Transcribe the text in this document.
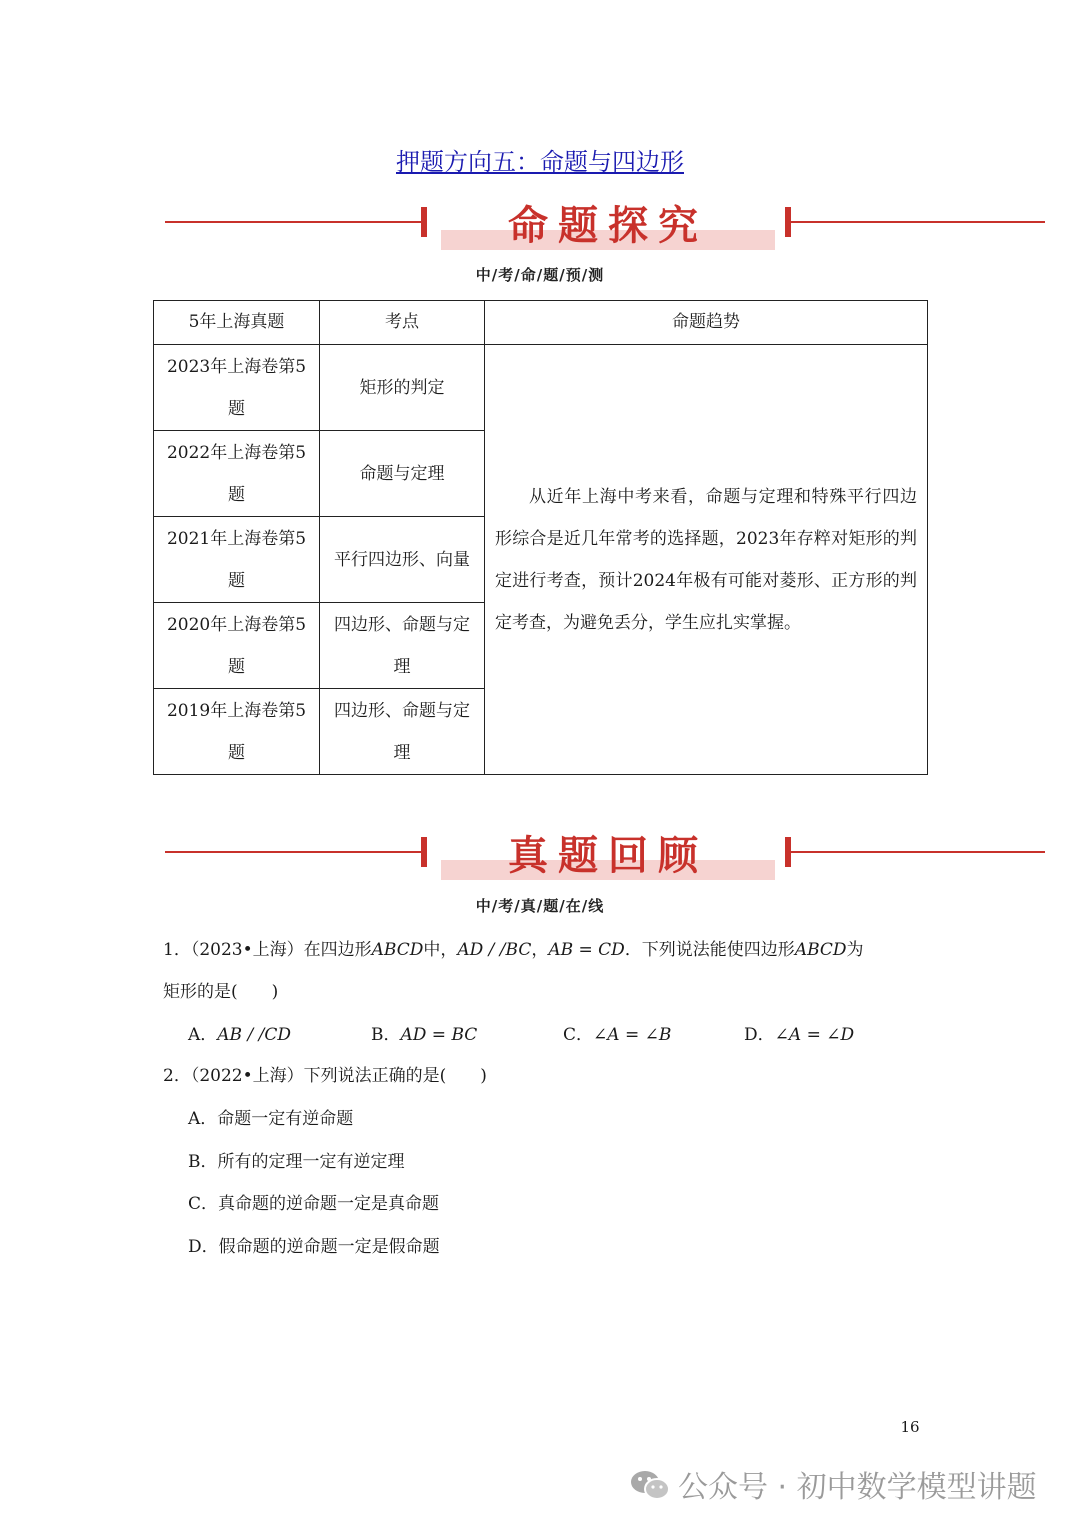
押题方向五：命题与四边形
命题探究
中/考/命/题/预/测
5年上海真题	考点	命题趋势
2023年上海卷第5题	矩形的判定	从近年上海中考来看，命题与定理和特殊平行四边形综合是近几年常考的选择题，2023年存粹对矩形的判定进行考查，预计2024年极有可能对菱形、正方形的判定考查，为避免丢分，学生应扎实掌握。
2022年上海卷第5题	命题与定理	
2021年上海卷第5题	平行四边形、向量	
2020年上海卷第5题	四边形、命题与定理	
2019年上海卷第5题	四边形、命题与定理	
真题回顾
中/考/真/题/在/线
1．（2023•上海）在四边形ABCD中，AD / /BC，AB = CD．下列说法能使四边形ABCD为
矩形的是(　　)
A．AB / /CD	B．AD = BC	C．∠A = ∠B	D．∠A = ∠D
2．（2022•上海）下列说法正确的是(　　)
A．命题一定有逆命题
B．所有的定理一定有逆定理
C．真命题的逆命题一定是真命题
D．假命题的逆命题一定是假命题
16
公众号 · 初中数学模型讲题
